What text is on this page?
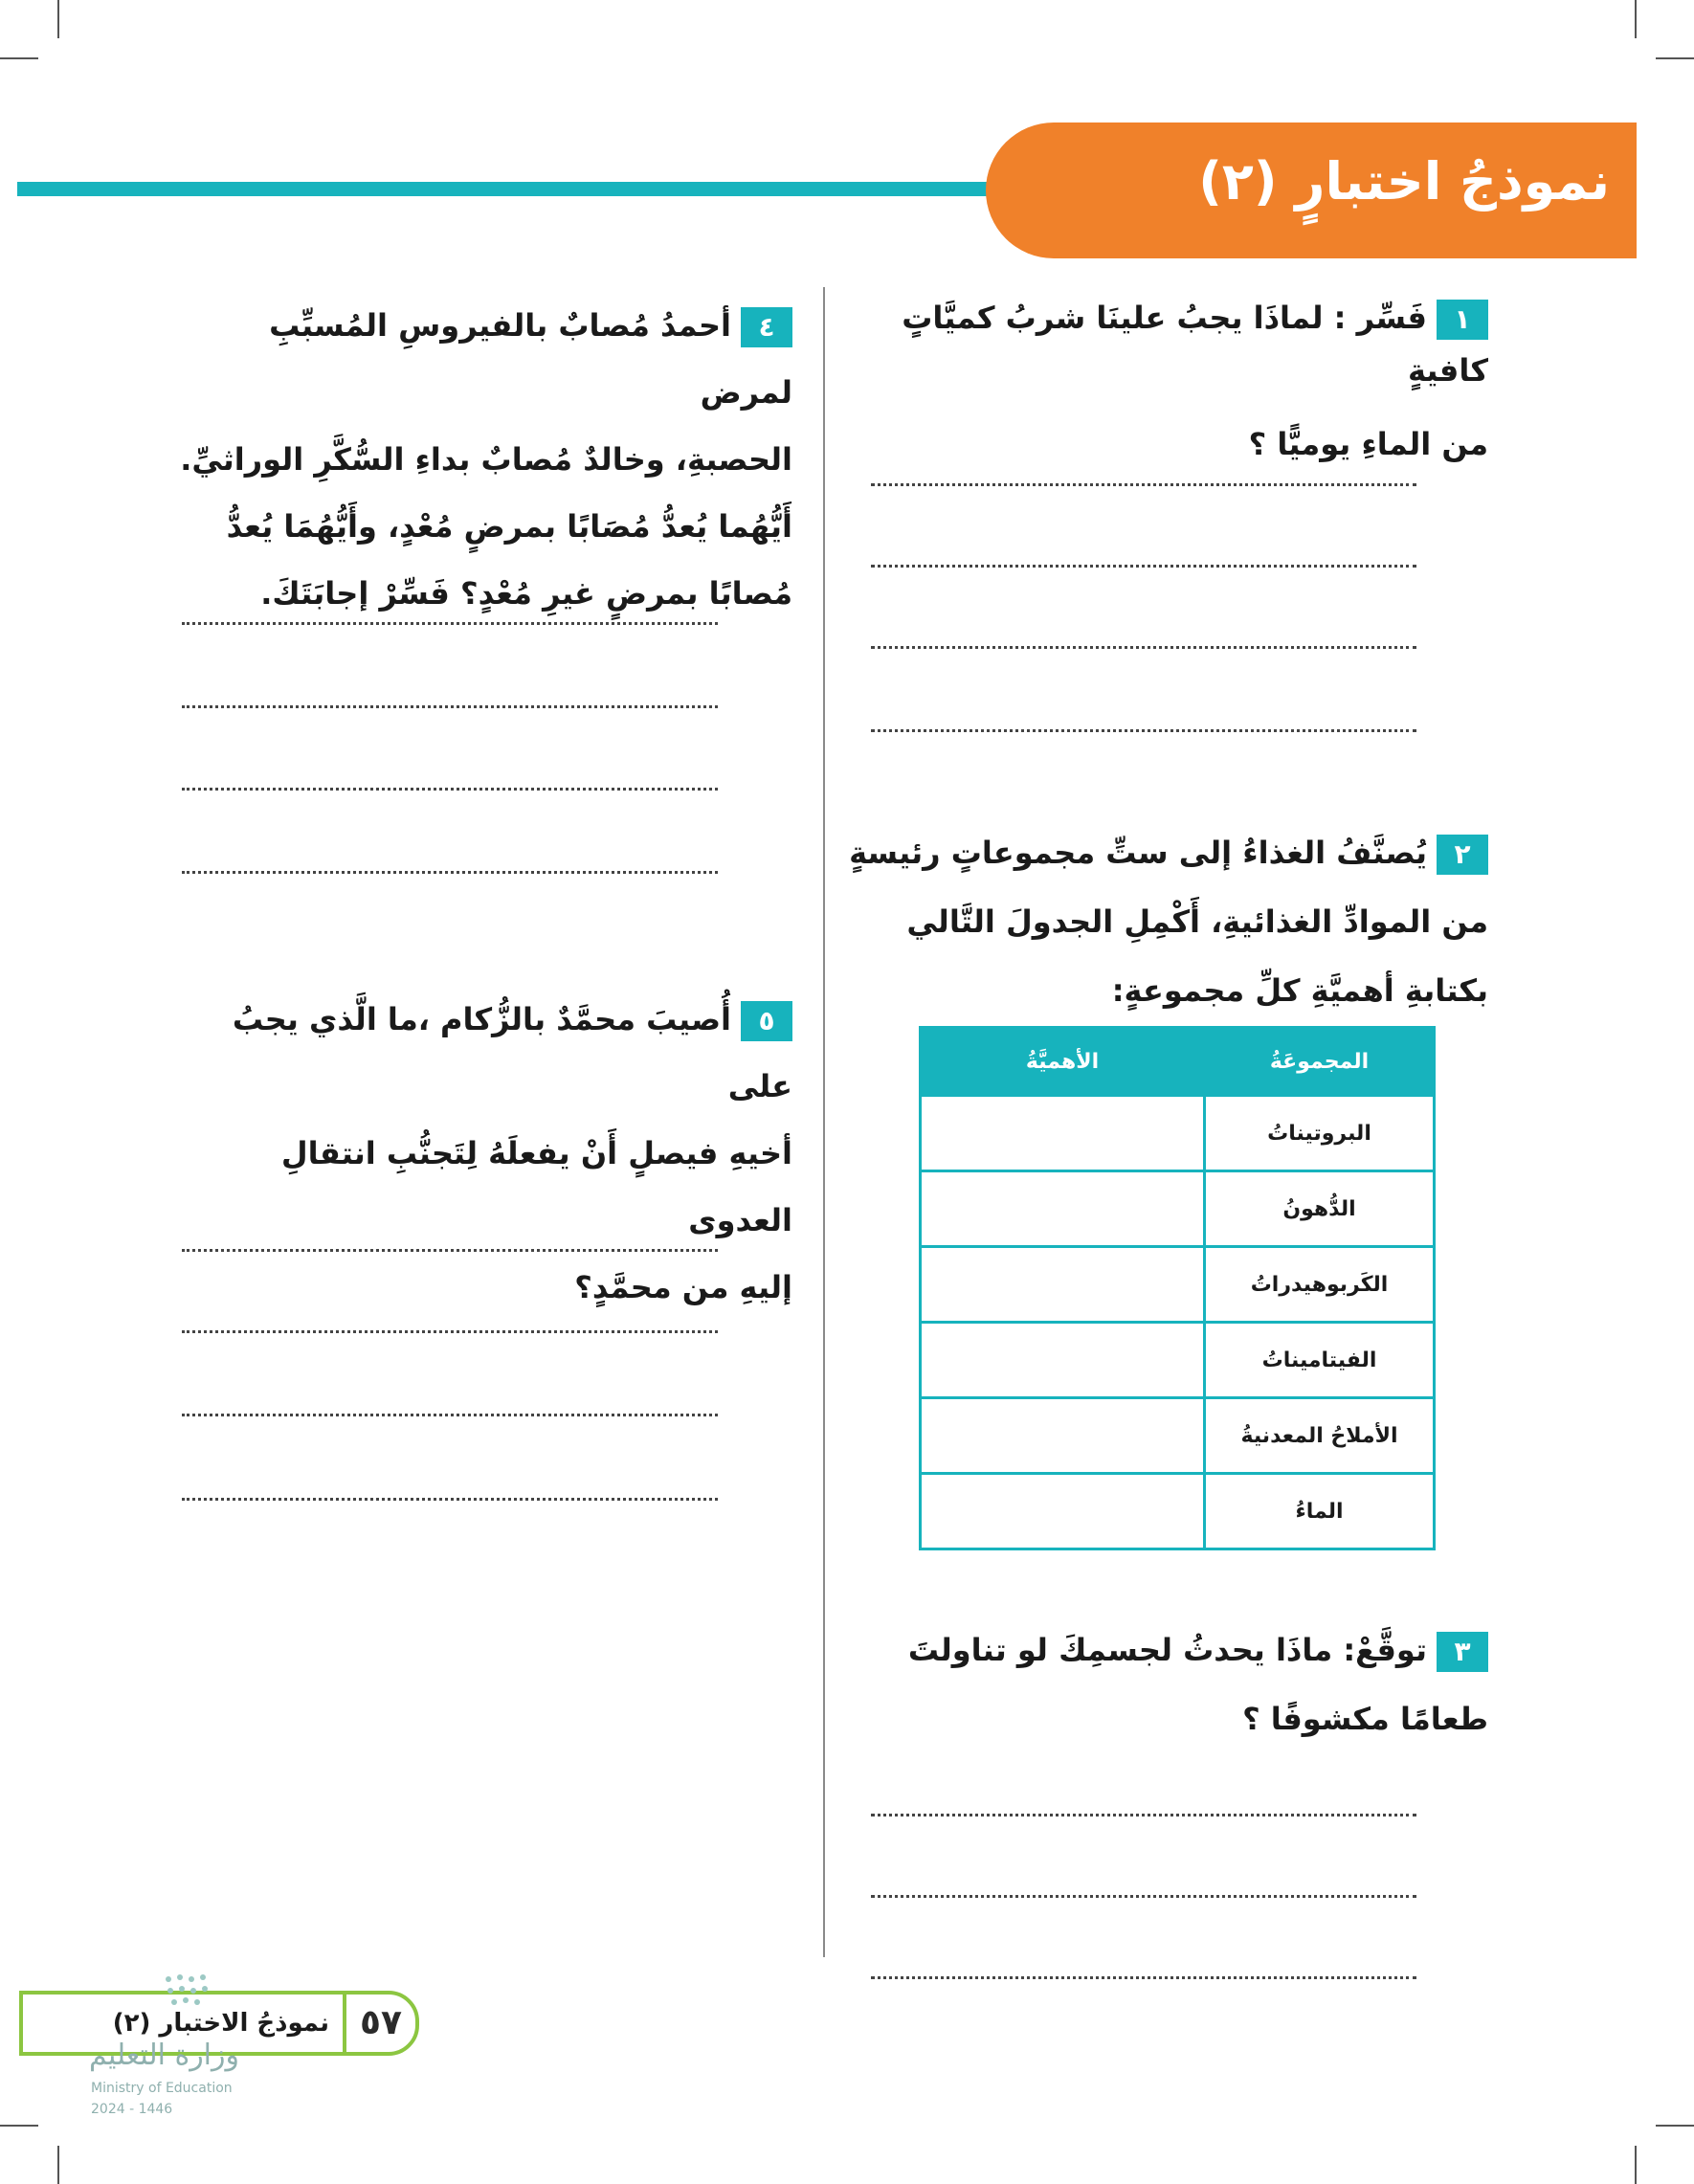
نموذجُ اختبارٍ (٢)
١فَسِّر : لماذَا يجبُ علينَا شربُ كميَّاتٍ كافيةٍ
من الماءِ يوميًّا ؟
٢يُصنَّفُ الغذاءُ إلى ستِّ مجموعاتٍ رئيسةٍ
من الموادِّ الغذائيةِ، أَكْمِلِ الجدولَ التَّالي
بكتابةِ أهميَّةِ كلِّ مجموعةٍ:
المجموعَةُ	الأهميَّةُ
البروتيناتُ	
الدُّهونُ	
الكَربوهيدراتُ	
الفيتاميناتُ	
الأملاحُ المعدنيةُ	
الماءُ	
٣توقَّعْ: ماذَا يحدثُ لجسمِكَ لو تناولتَ
طعامًا مكشوفًا ؟
٤أحمدُ مُصابٌ بالفيروسِ المُسبِّبِ لمرض
الحصبةِ، وخالدٌ مُصابٌ بداءِ السُّكَّرِ الوراثيِّ.
أَيُّهُما يُعدُّ مُصَابًا بمرضٍ مُعْدٍ، وأَيُّهُمَا يُعدُّ
مُصابًا بمرضٍ غيرِ مُعْدٍ؟ فَسِّرْ إجابَتَكَ.
٥أُصيبَ محمَّدٌ بالزُّكام ،ما الَّذي يجبُ على
أخيهِ فيصلٍ أَنْ يفعلَهُ لِتَجنُّبِ انتقالِ العدوى
إليهِ من محمَّدٍ؟
٥٧
نموذجُ الاختبار (٢)
وزارة التعليم
Ministry of Education
2024 - 1446
